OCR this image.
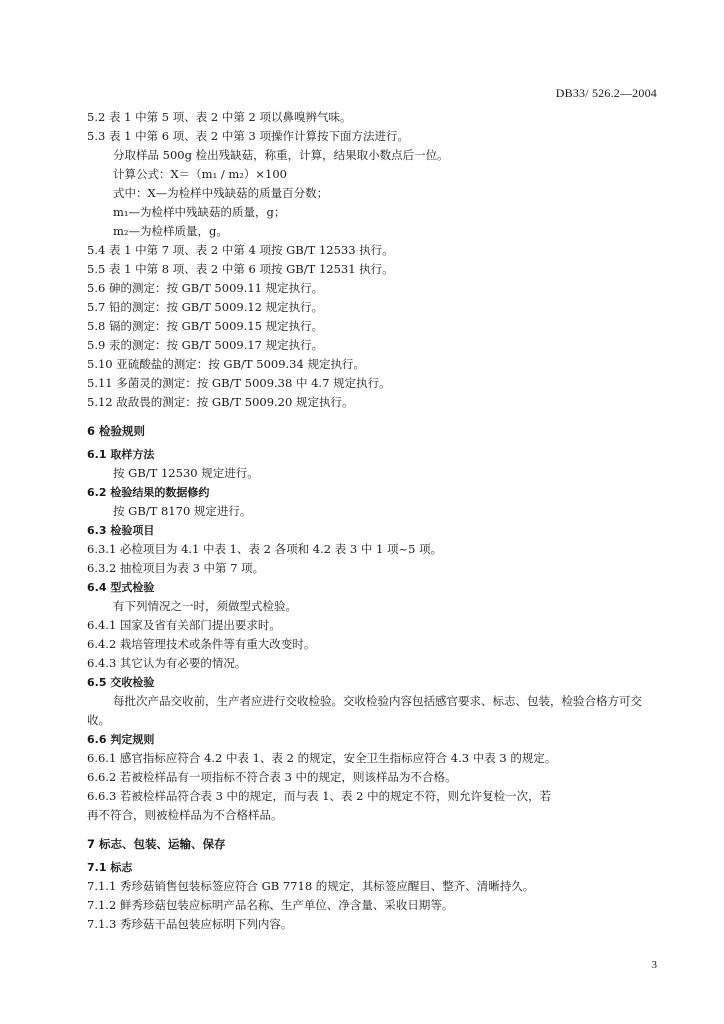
DB33/ 526.2—2004
5.2 表 1 中第 5 项、表 2 中第 2 项以鼻嗅辨气味。
5.3 表 1 中第 6 项、表 2 中第 3 项操作计算按下面方法进行。
分取样品 500g 检出残缺菇，称重，计算，结果取小数点后一位。
计算公式：X＝（m₁ / m₂）×100
式中：X—为检样中残缺菇的质量百分数；
m₁—为检样中残缺菇的质量，g；
m₂—为检样质量，g。
5.4 表 1 中第 7 项、表 2 中第 4 项按 GB/T 12533 执行。
5.5 表 1 中第 8 项、表 2 中第 6 项按 GB/T 12531 执行。
5.6 砷的测定：按 GB/T 5009.11 规定执行。
5.7 铅的测定：按 GB/T 5009.12 规定执行。
5.8 镉的测定：按 GB/T 5009.15 规定执行。
5.9 汞的测定：按 GB/T 5009.17 规定执行。
5.10 亚硫酸盐的测定：按 GB/T 5009.34 规定执行。
5.11 多菌灵的测定：按 GB/T 5009.38 中 4.7 规定执行。
5.12 敌敌畏的测定：按 GB/T 5009.20 规定执行。
6 检验规则
6.1 取样方法
按 GB/T 12530 规定进行。
6.2 检验结果的数据修约
按 GB/T 8170 规定进行。
6.3 检验项目
6.3.1 必检项目为 4.1 中表 1、表 2 各项和 4.2 表 3 中 1 项~5 项。
6.3.2 抽检项目为表 3 中第 7 项。
6.4 型式检验
有下列情况之一时，须做型式检验。
6.4.1 国家及省有关部门提出要求时。
6.4.2 栽培管理技术或条件等有重大改变时。
6.4.3 其它认为有必要的情况。
6.5 交收检验
每批次产品交收前，生产者应进行交收检验。交收检验内容包括感官要求、标志、包装，检验合格方可交收。
6.6 判定规则
6.6.1 感官指标应符合 4.2 中表 1、表 2 的规定，安全卫生指标应符合 4.3 中表 3 的规定。
6.6.2 若被检样品有一项指标不符合表 3 中的规定，则该样品为不合格。
6.6.3 若被检样品符合表 3 中的规定，而与表 1、表 2 中的规定不符，则允许复检一次，若
再不符合，则被检样品为不合格样品。
7 标志、包装、运输、保存
7.1 标志
7.1.1 秀珍菇销售包装标签应符合 GB 7718 的规定，其标签应醒目、整齐、清晰持久。
7.1.2 鲜秀珍菇包装应标明产品名称、生产单位、净含量、采收日期等。
7.1.3 秀珍菇干品包装应标明下列内容。
3
